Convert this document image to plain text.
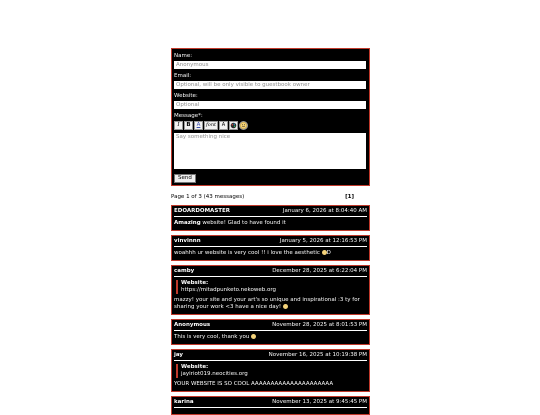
Name:
Anonymous
Email:
Optional, will be only visible to guestbook owner
Website:
Optional
Message*:
I	B	A	font	A
Say something nice
Send
Page 1 of 3 (43 messages)	[1]
EDOARDOMASTER	January 6, 2026 at 8:04:40 AM
Amazing website! Glad to have found it
vinvinnn	January 5, 2026 at 12:16:53 PM
woahhh ur website is very cool !! i love the aesthetic D
camby	December 28, 2025 at 6:22:04 PM
Website:
https://mitadpunketo.nekoweb.org
mazzy! your site and your art's so unique and inspirational :3 ty for sharing your work <3 have a nice day!
Anonymous	November 28, 2025 at 8:01:53 PM
This is very cool, thank you
jay	November 16, 2025 at 10:19:38 PM
Website:
jayiriot019.neocities.org
YOUR WEBSITE IS SO COOL AAAAAAAAAAAAAAAAAAAAA
karina	November 13, 2025 at 9:45:45 PM
